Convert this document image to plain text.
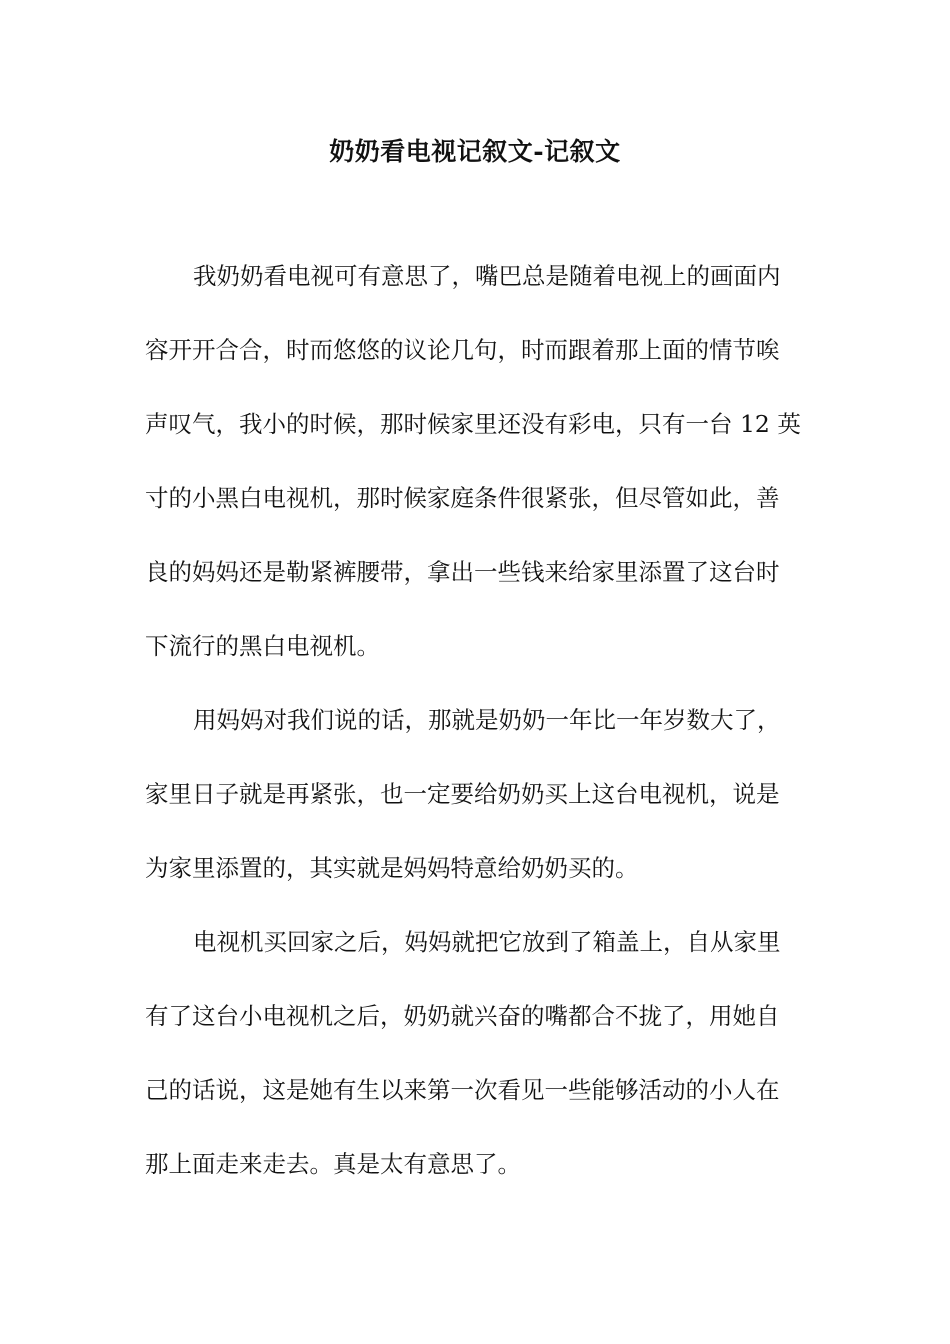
奶奶看电视记叙文-记叙文
我奶奶看电视可有意思了，嘴巴总是随着电视上的画面内
容开开合合，时而悠悠的议论几句，时而跟着那上面的情节唉
声叹气，我小的时候，那时候家里还没有彩电，只有一台 12 英
寸的小黑白电视机，那时候家庭条件很紧张，但尽管如此，善
良的妈妈还是勒紧裤腰带，拿出一些钱来给家里添置了这台时
下流行的黑白电视机。
用妈妈对我们说的话，那就是奶奶一年比一年岁数大了，
家里日子就是再紧张，也一定要给奶奶买上这台电视机，说是
为家里添置的，其实就是妈妈特意给奶奶买的。
电视机买回家之后，妈妈就把它放到了箱盖上，自从家里
有了这台小电视机之后，奶奶就兴奋的嘴都合不拢了，用她自
己的话说，这是她有生以来第一次看见一些能够活动的小人在
那上面走来走去。真是太有意思了。
